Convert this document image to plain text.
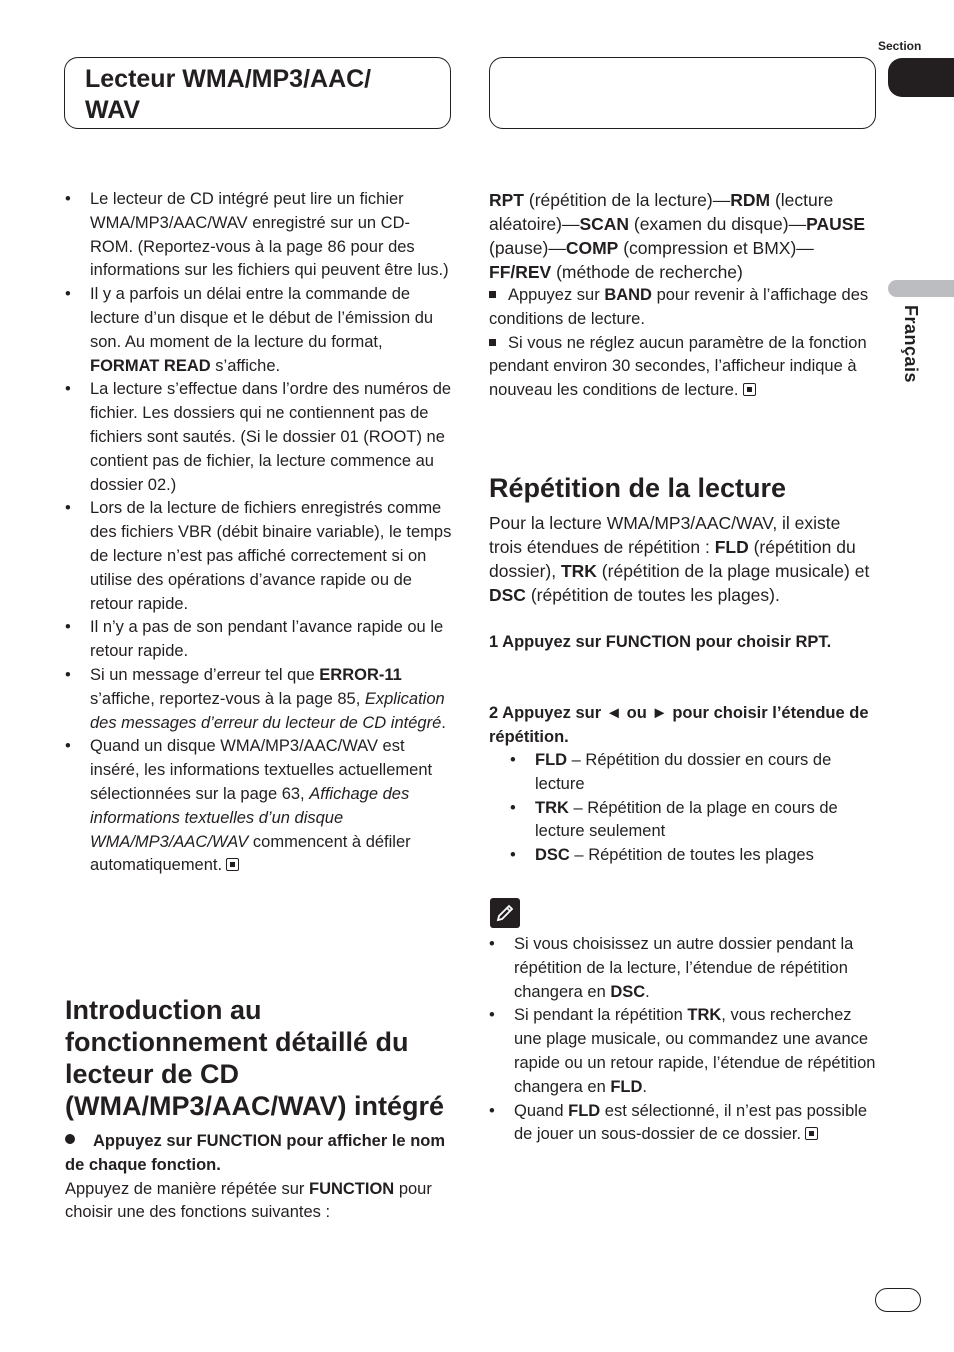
Section
Lecteur WMA/MP3/AAC/ WAV
Français
• Le lecteur de CD intégré peut lire un fichier WMA/MP3/AAC/WAV enregistré sur un CD-ROM. (Reportez-vous à la page 86 pour des informations sur les fichiers qui peuvent être lus.)
• Il y a parfois un délai entre la commande de lecture d’un disque et le début de l’émission du son. Au moment de la lecture du format, FORMAT READ s’affiche.
• La lecture s’effectue dans l’ordre des numéros de fichier. Les dossiers qui ne contiennent pas de fichiers sont sautés. (Si le dossier 01 (ROOT) ne contient pas de fichier, la lecture commence au dossier 02.)
• Lors de la lecture de fichiers enregistrés comme des fichiers VBR (débit binaire variable), le temps de lecture n’est pas affiché correctement si on utilise des opérations d’avance rapide ou de retour rapide.
• Il n’y a pas de son pendant l’avance rapide ou le retour rapide.
• Si un message d’erreur tel que ERROR-11 s’affiche, reportez-vous à la page 85, Explication des messages d’erreur du lecteur de CD intégré.
• Quand un disque WMA/MP3/AAC/WAV est inséré, les informations textuelles actuellement sélectionnées sur la page 63, Affichage des informations textuelles d’un disque WMA/MP3/AAC/WAV commencent à défiler automatiquement.
Introduction au fonctionnement détaillé du lecteur de CD (WMA/MP3/AAC/WAV) intégré
Appuyez sur FUNCTION pour afficher le nom de chaque fonction.
Appuyez de manière répétée sur FUNCTION pour choisir une des fonctions suivantes :
RPT (répétition de la lecture)—RDM (lecture aléatoire)—SCAN (examen du disque)—PAUSE (pause)—COMP (compression et BMX)—FF/REV (méthode de recherche)
Appuyez sur BAND pour revenir à l’affichage des conditions de lecture.
Si vous ne réglez aucun paramètre de la fonction pendant environ 30 secondes, l’afficheur indique à nouveau les conditions de lecture.
Répétition de la lecture
Pour la lecture WMA/MP3/AAC/WAV, il existe trois étendues de répétition : FLD (répétition du dossier), TRK (répétition de la plage musicale) et DSC (répétition de toutes les plages).
1 Appuyez sur FUNCTION pour choisir RPT.
2 Appuyez sur ◄ ou ► pour choisir l’étendue de répétition.
• FLD – Répétition du dossier en cours de lecture
• TRK – Répétition de la plage en cours de lecture seulement
• DSC – Répétition de toutes les plages
• Si vous choisissez un autre dossier pendant la répétition de la lecture, l’étendue de répétition changera en DSC.
• Si pendant la répétition TRK, vous recherchez une plage musicale, ou commandez une avance rapide ou un retour rapide, l’étendue de répétition changera en FLD.
• Quand FLD est sélectionné, il n’est pas possible de jouer un sous-dossier de ce dossier.
